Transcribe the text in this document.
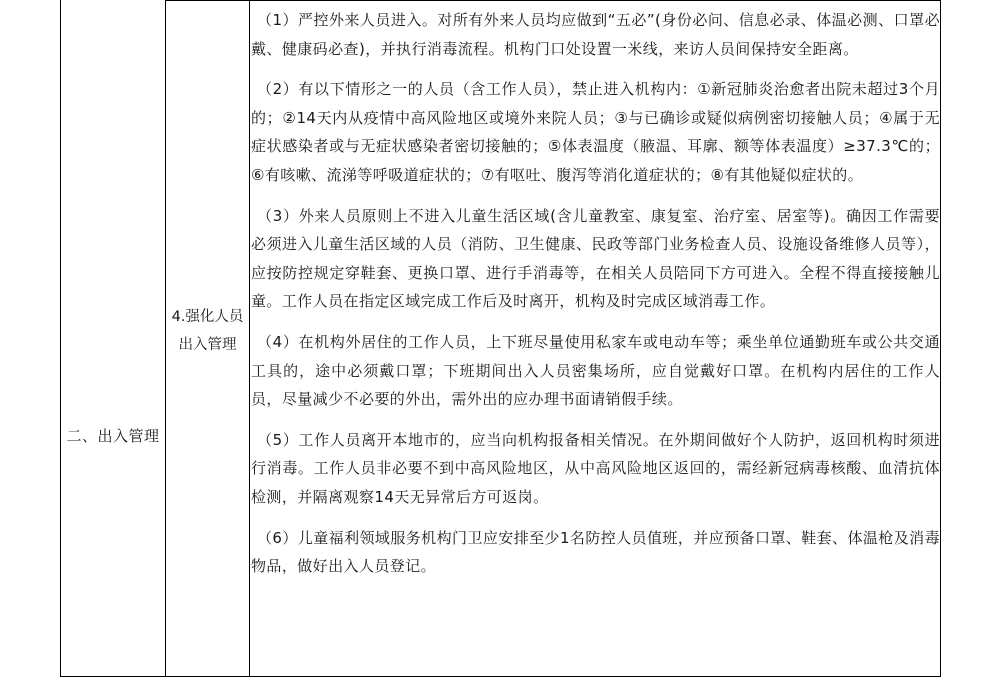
二、出入管理
4.强化人员出入管理

（1）严控外来人员进入。对所有外来人员均应做到“五必”(身份必问、信息必录、体温必测、口罩必戴、健康码必查)，并执行消毒流程。机构门口处设置一米线，来访人员间保持安全距离。

（2）有以下情形之一的人员（含工作人员），禁止进入机构内：①新冠肺炎治愈者出院未超过3个月的；②14天内从疫情中高风险地区或境外来院人员；③与已确诊或疑似病例密切接触人员；④属于无症状感染者或与无症状感染者密切接触的；⑤体表温度（腋温、耳廓、额等体表温度）≥37.3℃的；⑥有咳嗽、流涕等呼吸道症状的；⑦有呕吐、腹泻等消化道症状的；⑧有其他疑似症状的。

（3）外来人员原则上不进入儿童生活区域(含儿童教室、康复室、治疗室、居室等)。确因工作需要必须进入儿童生活区域的人员（消防、卫生健康、民政等部门业务检查人员、设施设备维修人员等），应按防控规定穿鞋套、更换口罩、进行手消毒等，在相关人员陪同下方可进入。全程不得直接接触儿童。工作人员在指定区域完成工作后及时离开，机构及时完成区域消毒工作。

（4）在机构外居住的工作人员，上下班尽量使用私家车或电动车等；乘坐单位通勤班车或公共交通工具的，途中必须戴口罩；下班期间出入人员密集场所，应自觉戴好口罩。在机构内居住的工作人员，尽量减少不必要的外出，需外出的应办理书面请销假手续。

（5）工作人员离开本地市的，应当向机构报备相关情况。在外期间做好个人防护，返回机构时须进行消毒。工作人员非必要不到中高风险地区，从中高风险地区返回的，需经新冠病毒核酸、血清抗体检测，并隔离观察14天无异常后方可返岗。

（6）儿童福利领域服务机构门卫应安排至少1名防控人员值班，并应预备口罩、鞋套、体温枪及消毒物品，做好出入人员登记。
